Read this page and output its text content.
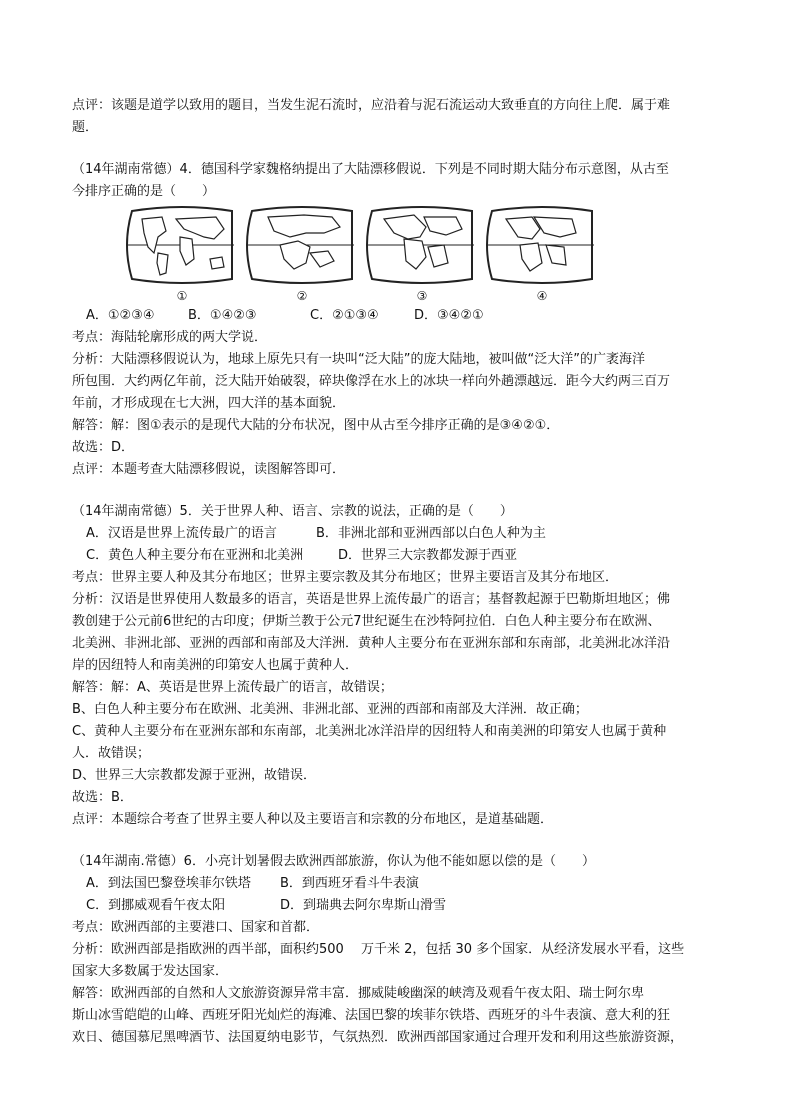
点评：该题是道学以致用的题目，当发生泥石流时，应沿着与泥石流运动大致垂直的方向往上爬．属于难
题．
（14年湖南常德）4．德国科学家魏格纳提出了大陆漂移假说．下列是不同时期大陆分布示意图，从古至
今排序正确的是（　　）
①	②	③	④
A．①②③④	B．①④②③	C．②①③④	D．③④②①
考点：海陆轮廓形成的两大学说．
分析：大陆漂移假说认为，地球上原先只有一块叫“泛大陆”的庞大陆地，被叫做“泛大洋”的广袤海洋
所包围．大约两亿年前，泛大陆开始破裂，碎块像浮在水上的冰块一样向外趟漂越远．距今大约两三百万
年前，才形成现在七大洲，四大洋的基本面貌．
解答：解：图①表示的是现代大陆的分布状况，图中从古至今排序正确的是③④②①．
故选：D．
点评：本题考查大陆漂移假说，读图解答即可．
（14年湖南常德）5．关于世界人种、语言、宗教的说法，正确的是（　　）
A．汉语是世界上流传最广的语言	B．非洲北部和亚洲西部以白色人种为主
C．黄色人种主要分布在亚洲和北美洲	D．世界三大宗教都发源于西亚
考点：世界主要人种及其分布地区；世界主要宗教及其分布地区；世界主要语言及其分布地区．
分析：汉语是世界使用人数最多的语言，英语是世界上流传最广的语言；基督教起源于巴勒斯坦地区；佛
教创建于公元前6世纪的古印度；伊斯兰教于公元7世纪诞生在沙特阿拉伯．白色人种主要分布在欧洲、
北美洲、非洲北部、亚洲的西部和南部及大洋洲．黄种人主要分布在亚洲东部和东南部，北美洲北冰洋沿
岸的因纽特人和南美洲的印第安人也属于黄种人．
解答：解：A、英语是世界上流传最广的语言，故错误；
B、白色人种主要分布在欧洲、北美洲、非洲北部、亚洲的西部和南部及大洋洲．故正确；
C、黄种人主要分布在亚洲东部和东南部，北美洲北冰洋沿岸的因纽特人和南美洲的印第安人也属于黄种
人．故错误；
D、世界三大宗教都发源于亚洲，故错误．
故选：B．
点评：本题综合考查了世界主要人种以及主要语言和宗教的分布地区，是道基础题．
（14年湖南.常德）6．小亮计划暑假去欧洲西部旅游，你认为他不能如愿以偿的是（　　）
A．到法国巴黎登埃菲尔铁塔 B．到西班牙看斗牛表演
C．到挪威观看午夜太阳	D．到瑞典去阿尔卑斯山滑雪
考点：欧洲西部的主要港口、国家和首都．
分析：欧洲西部是指欧洲的西半部，面积约500　 万千米 2，包括 30 多个国家．从经济发展水平看，这些
国家大多数属于发达国家．
解答：欧洲西部的自然和人文旅游资源异常丰富．挪威陡峻幽深的峡湾及观看午夜太阳、瑞士阿尔卑
斯山冰雪皑皑的山峰、西班牙阳光灿烂的海滩、法国巴黎的埃菲尔铁塔、西班牙的斗牛表演、意大利的狂
欢日、德国慕尼黑啤酒节、法国夏纳电影节，气氛热烈．欧洲西部国家通过合理开发和利用这些旅游资源，
